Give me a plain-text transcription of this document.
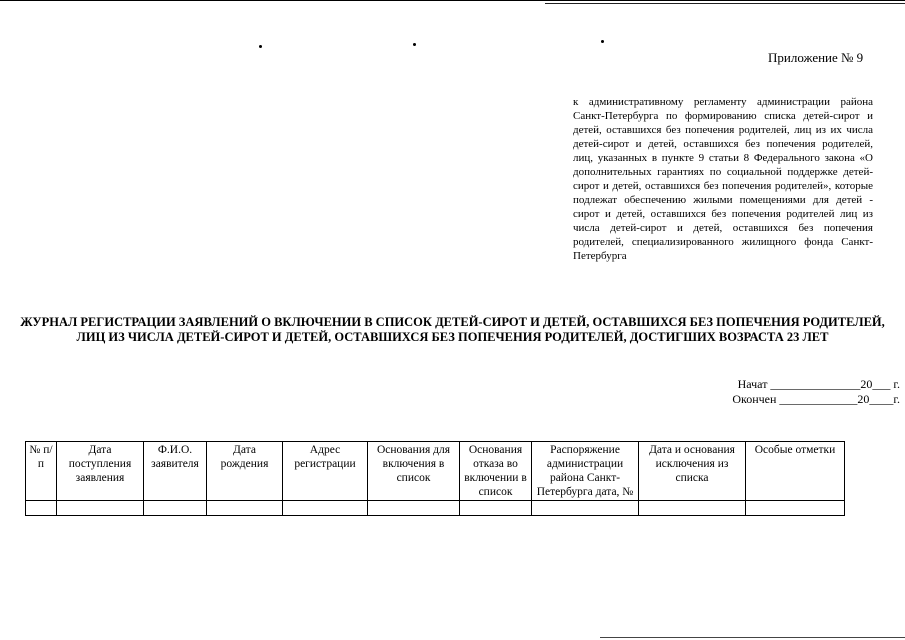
Приложение № 9
к административному регламенту администрации района Санкт-Петербурга по формированию списка детей-сирот и детей, оставшихся без попечения родителей, лиц из их числа детей-сирот и детей, оставшихся без попечения родителей, лиц, указанных в пункте 9 статьи 8 Федерального закона «О дополнительных гарантиях по социальной поддержке детей-сирот и детей, оставшихся без попечения родителей», которые подлежат обеспечению жилыми помещениями для детей - сирот и детей, оставшихся без попечения родителей лиц из числа детей-сирот и детей, оставшихся без попечения родителей, специализированного жилищного фонда Санкт-Петербурга
ЖУРНАЛ РЕГИСТРАЦИИ ЗАЯВЛЕНИЙ О ВКЛЮЧЕНИИ В СПИСОК ДЕТЕЙ-СИРОТ И ДЕТЕЙ, ОСТАВШИХСЯ БЕЗ ПОПЕЧЕНИЯ РОДИТЕЛЕЙ, ЛИЦ ИЗ ЧИСЛА ДЕТЕЙ-СИРОТ И ДЕТЕЙ, ОСТАВШИХСЯ БЕЗ ПОПЕЧЕНИЯ РОДИТЕЛЕЙ, ДОСТИГШИХ ВОЗРАСТА 23 ЛЕТ
Начат _______________20___ г.
Окончен _____________20____г.
№ п/п	Дата поступления заявления	Ф.И.О. заявителя	Дата рождения	Адрес регистрации	Основания для включения в список	Основания отказа во включении в список	Распоряжение администрации района Санкт-Петербурга дата, №	Дата и основания исключения из списка	Особые отметки
